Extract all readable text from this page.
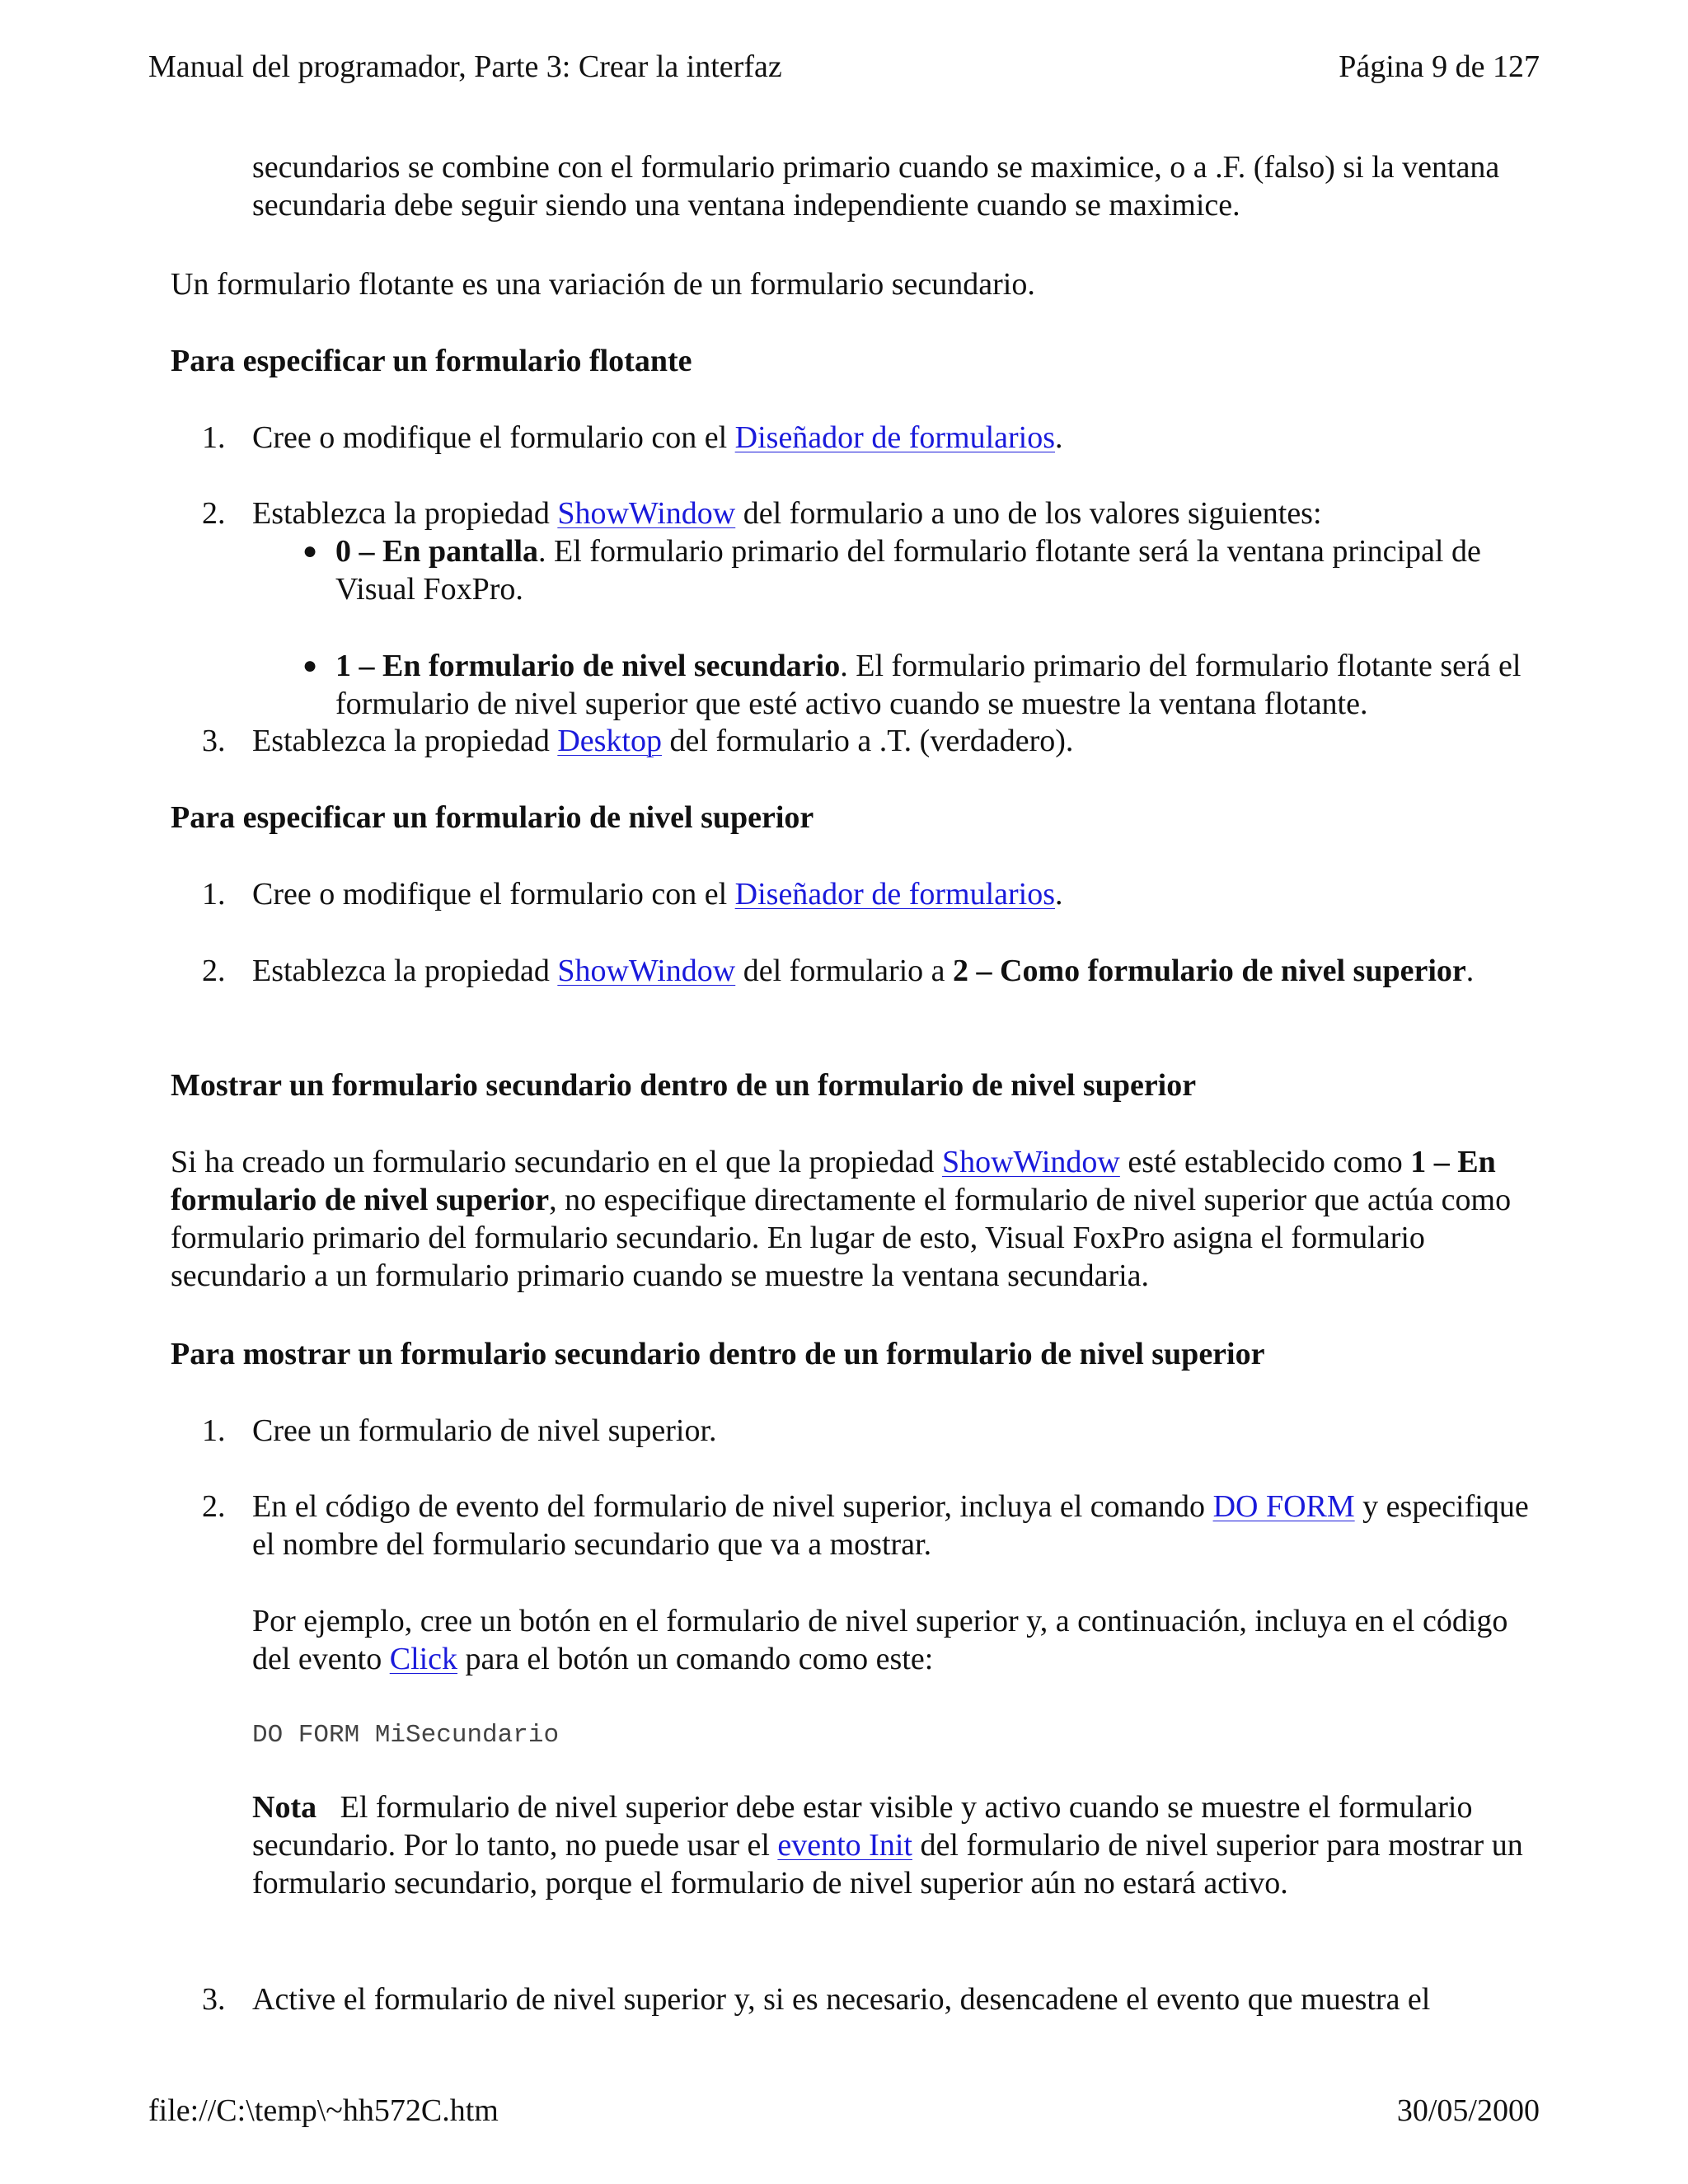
Manual del programador, Parte 3: Crear la interfaz	Página 9 de 127

secundarios se combine con el formulario primario cuando se maximice, o a .F. (falso) si la ventana secundaria debe seguir siendo una ventana independiente cuando se maximice.

Un formulario flotante es una variación de un formulario secundario.

Para especificar un formulario flotante

1. Cree o modifique el formulario con el Diseñador de formularios.

2. Establezca la propiedad ShowWindow del formulario a uno de los valores siguientes:

● 0 – En pantalla. El formulario primario del formulario flotante será la ventana principal de Visual FoxPro.

● 1 – En formulario de nivel secundario. El formulario primario del formulario flotante será el formulario de nivel superior que esté activo cuando se muestre la ventana flotante.

3. Establezca la propiedad Desktop del formulario a .T. (verdadero).

Para especificar un formulario de nivel superior

1. Cree o modifique el formulario con el Diseñador de formularios.

2. Establezca la propiedad ShowWindow del formulario a 2 – Como formulario de nivel superior.

Mostrar un formulario secundario dentro de un formulario de nivel superior

Si ha creado un formulario secundario en el que la propiedad ShowWindow esté establecido como 1 – En formulario de nivel superior, no especifique directamente el formulario de nivel superior que actúa como formulario primario del formulario secundario. En lugar de esto, Visual FoxPro asigna el formulario secundario a un formulario primario cuando se muestre la ventana secundaria.

Para mostrar un formulario secundario dentro de un formulario de nivel superior

1. Cree un formulario de nivel superior.

2. En el código de evento del formulario de nivel superior, incluya el comando DO FORM y especifique el nombre del formulario secundario que va a mostrar.

Por ejemplo, cree un botón en el formulario de nivel superior y, a continuación, incluya en el código del evento Click para el botón un comando como este:

DO FORM MiSecundario

Nota El formulario de nivel superior debe estar visible y activo cuando se muestre el formulario secundario. Por lo tanto, no puede usar el evento Init del formulario de nivel superior para mostrar un formulario secundario, porque el formulario de nivel superior aún no estará activo.

3. Active el formulario de nivel superior y, si es necesario, desencadene el evento que muestra el

file://C:\temp\~hh572C.htm	30/05/2000
